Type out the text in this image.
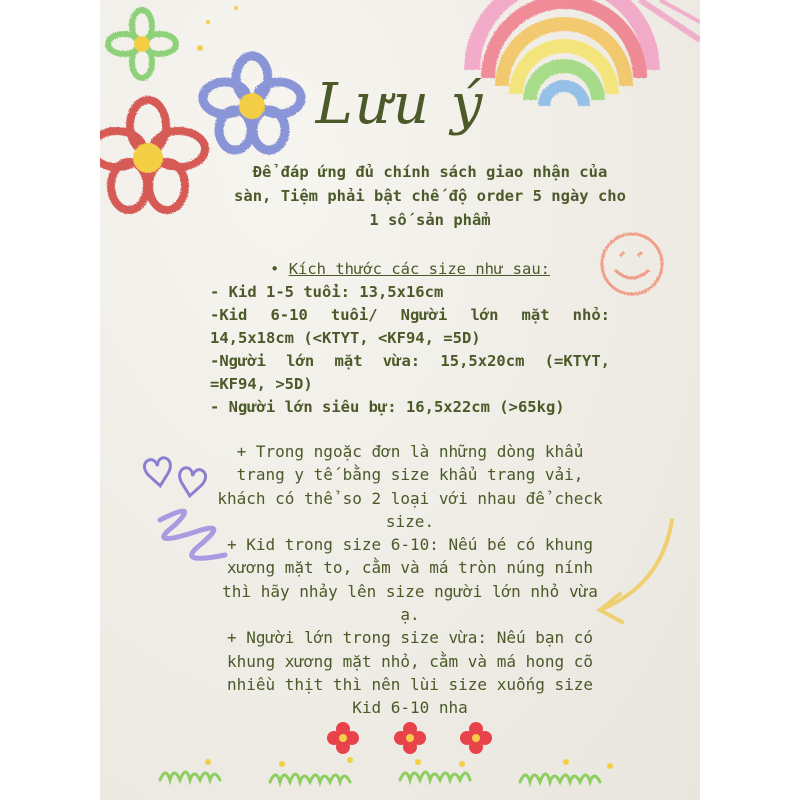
Lưu ý
Để đáp ứng đủ chính sách giao nhận của sàn, Tiệm phải bật chế độ order 5 ngày cho 1 số sản phẩm
• Kích thước các size như sau:
- Kid 1-5 tuổi: 13,5x16cm
-Kid 6-10 tuổi/ Người lớn mặt nhỏ: 14,5x18cm (<KTYT, <KF94, =5D)
-Người lớn mặt vừa: 15,5x20cm (=KTYT, =KF94, >5D)
- Người lớn siêu bự: 16,5x22cm (>65kg)

+ Trong ngoặc đơn là những dòng khẩu trang y tế bằng size khẩu trang vải, khách có thể so 2 loại với nhau để check size.

+ Kid trong size 6-10: Nếu bé có khung xương mặt to, cằm và má tròn núng nính thì hãy nhảy lên size người lớn nhỏ vừa ạ.

+ Người lớn trong size vừa: Nếu bạn có khung xương mặt nhỏ, cằm và má hong cõ nhiều thịt thì nên lùi size xuống size Kid 6-10 nha
